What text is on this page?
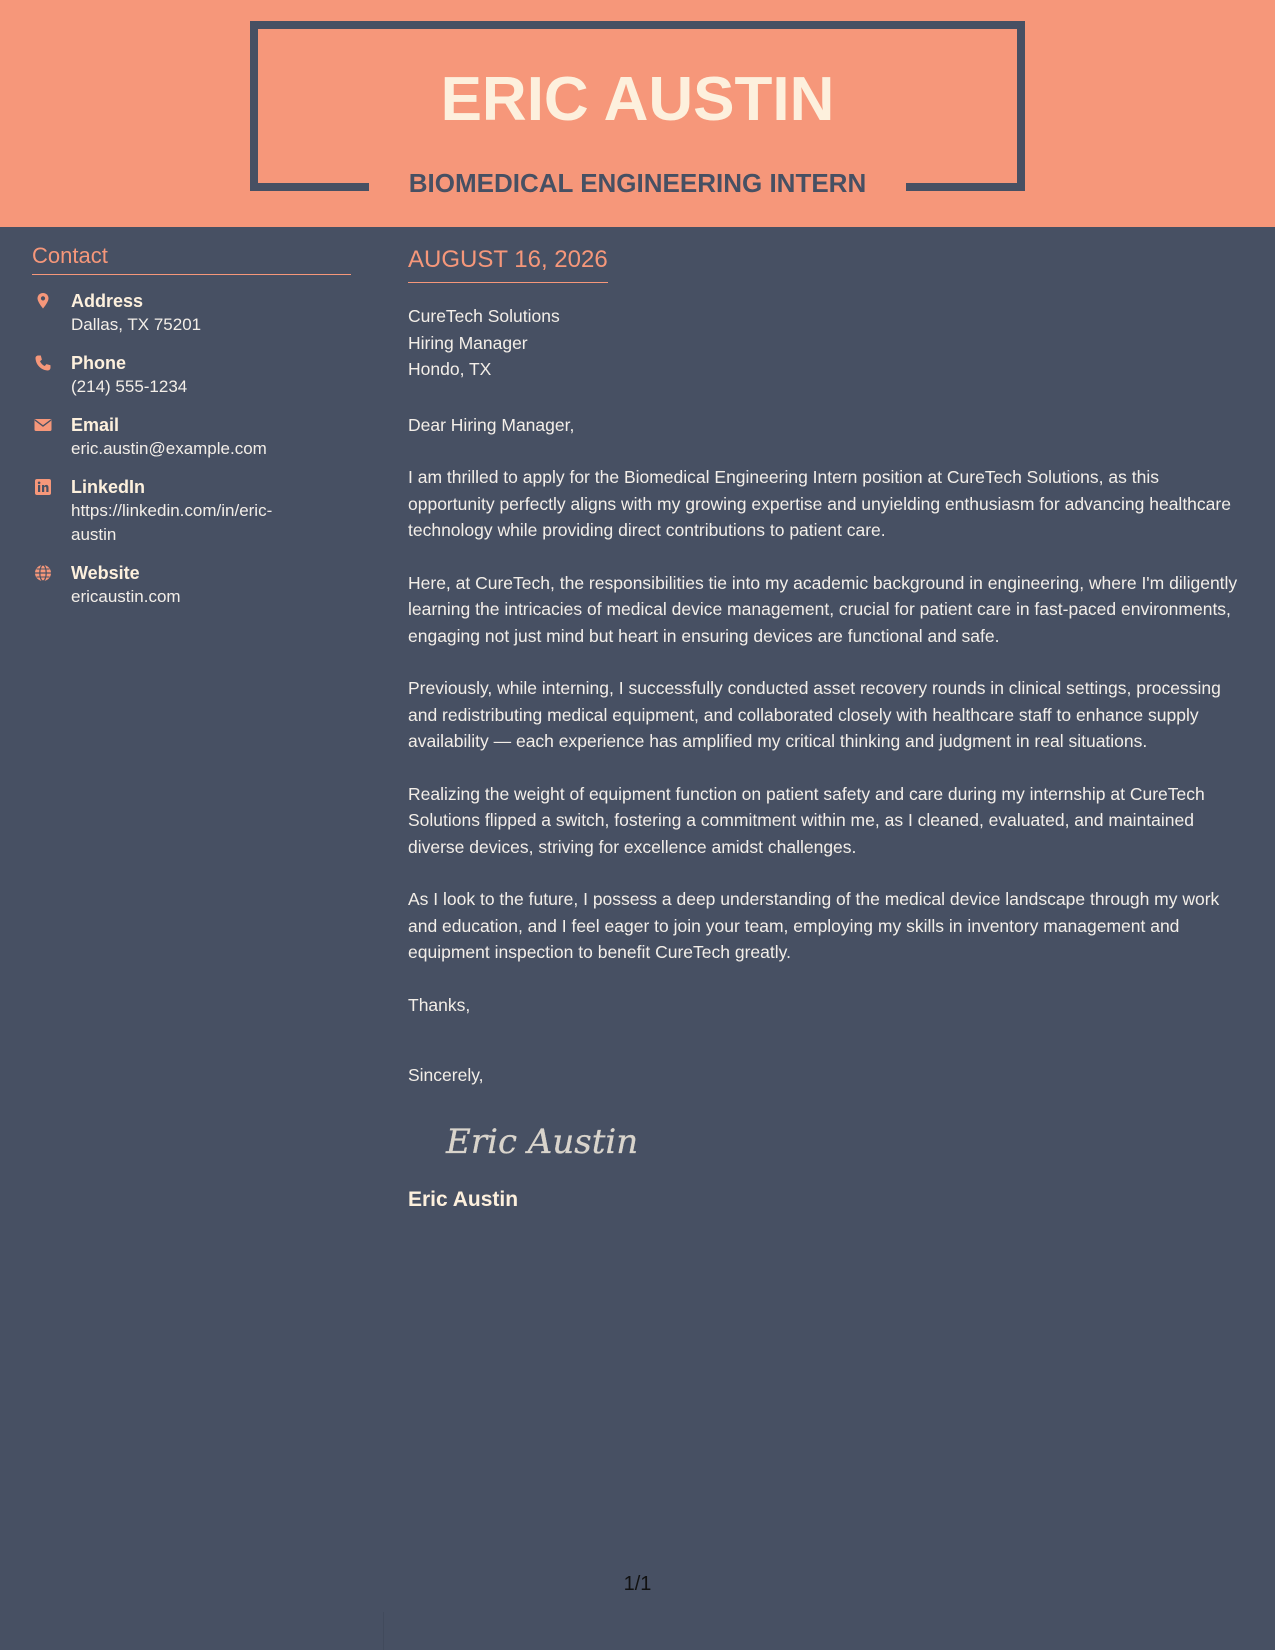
ERIC AUSTIN
BIOMEDICAL ENGINEERING INTERN
Contact
Address
Dallas, TX 75201
Phone
(214) 555-1234
Email
eric.austin@example.com
LinkedIn
https://linkedin.com/in/eric-austin
Website
ericaustin.com
AUGUST 16, 2026
CureTech Solutions
Hiring Manager
Hondo, TX
Dear Hiring Manager,

I am thrilled to apply for the Biomedical Engineering Intern position at CureTech Solutions, as this opportunity perfectly aligns with my growing expertise and unyielding enthusiasm for advancing healthcare technology while providing direct contributions to patient care.

Here, at CureTech, the responsibilities tie into my academic background in engineering, where I'm diligently learning the intricacies of medical device management, crucial for patient care in fast-paced environments, engaging not just mind but heart in ensuring devices are functional and safe.

Previously, while interning, I successfully conducted asset recovery rounds in clinical settings, processing and redistributing medical equipment, and collaborated closely with healthcare staff to enhance supply availability — each experience has amplified my critical thinking and judgment in real situations.

Realizing the weight of equipment function on patient safety and care during my internship at CureTech Solutions flipped a switch, fostering a commitment within me, as I cleaned, evaluated, and maintained diverse devices, striving for excellence amidst challenges.

As I look to the future, I possess a deep understanding of the medical device landscape through my work and education, and I feel eager to join your team, employing my skills in inventory management and equipment inspection to benefit CureTech greatly.

Thanks,
Sincerely,
Eric Austin
Eric Austin
1/1
